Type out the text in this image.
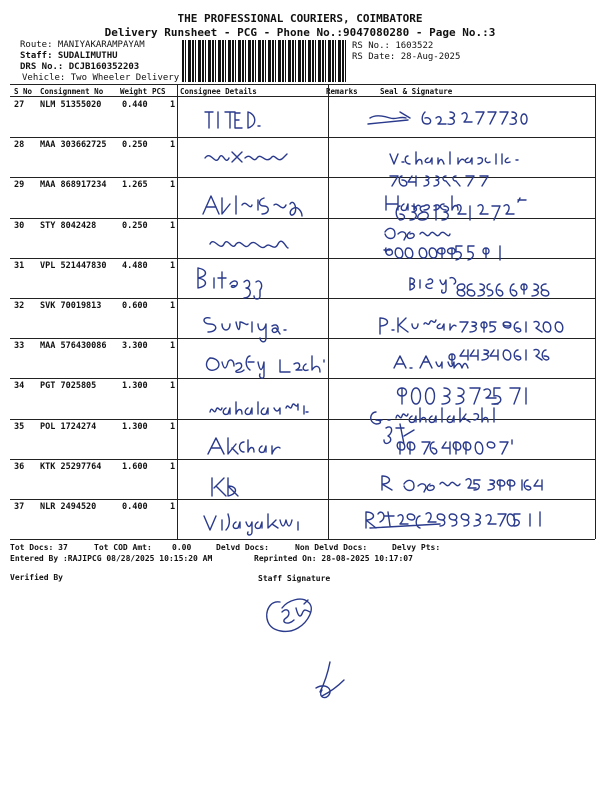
THE PROFESSIONAL COURIERS, COIMBATORE
Delivery Runsheet - PCG - Phone No.:9047080280 - Page No.:3
Route: MANIYAKARAMPAYAM
Staff: SUDALIMUTHU
DRS No.: DCJB160352203
Vehicle: Two Wheeler Delivery
RS No.: 1603522
RS Date: 28-Aug-2025
S No Consignment No Weight PCS Consignee Details	Remarks	Seal & Signature
27 NLM 51355020 0.440	1
28 MAA 303662725 0.250	1
29 MAA 868917234 1.265	1
30 STY 8042428	0.250	1
31 VPL 521447830 4.480	1
32 SVK 70019813 0.600	1
33 MAA 576430086 3.300	1
34 PGT 7025805	1.300	1
35 POL 1724274	1.300	1
36 KTK 25297764 1.600	1
37 NLR 2494520	0.400	1
Tot Docs: 37	Tot COD Amt:	0.00	Delvd Docs:	Non Delvd Docs:	Delvy Pts:
Entered By :RAJIPCG 08/28/2025 10:15:20 AM	Reprinted On: 28-08-2025 10:17:07
Verified By	Staff Signature
